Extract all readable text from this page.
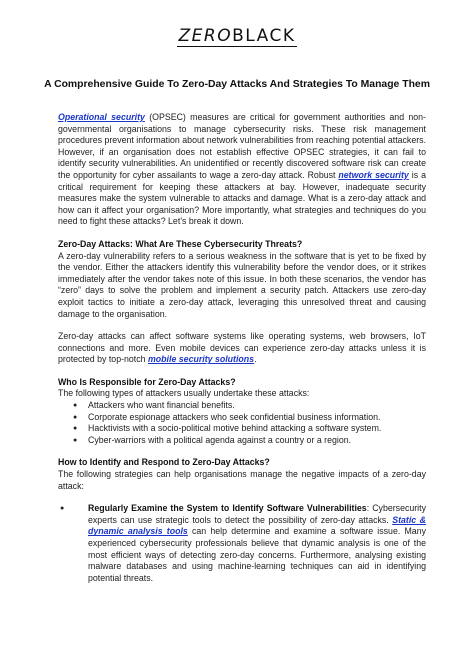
ZEROBLACK
A Comprehensive Guide To Zero-Day Attacks And Strategies To Manage Them

Operational security (OPSEC) measures are critical for government authorities and non-governmental organisations to manage cybersecurity risks. These risk management procedures prevent information about network vulnerabilities from reaching potential attackers. However, if an organisation does not establish effective OPSEC strategies, it can fail to identify security vulnerabilities. An unidentified or recently discovered software risk can create the opportunity for cyber assailants to wage a zero-day attack. Robust network security is a critical requirement for keeping these attackers at bay. However, inadequate security measures make the system vulnerable to attacks and damage. What is a zero-day attack and how can it affect your organisation? More importantly, what strategies and techniques do you need to fight these attacks? Let’s break it down.

Zero-Day Attacks: What Are These Cybersecurity Threats?

A zero-day vulnerability refers to a serious weakness in the software that is yet to be fixed by the vendor. Either the attackers identify this vulnerability before the vendor does, or it strikes immediately after the vendor takes note of this issue. In both these scenarios, the vendor has “zero” days to solve the problem and implement a security patch. Attackers use zero-day exploit tactics to initiate a zero-day attack, leveraging this unresolved threat and causing damage to the organisation.

Zero-day attacks can affect software systems like operating systems, web browsers, IoT connections and more. Even mobile devices can experience zero-day attacks unless it is protected by top-notch mobile security solutions.

Who Is Responsible for Zero-Day Attacks?

The following types of attackers usually undertake these attacks:

● Attackers who want financial benefits.
● Corporate espionage attackers who seek confidential business information.
● Hacktivists with a socio-political motive behind attacking a software system.
● Cyber-warriors with a political agenda against a country or a region.

How to Identify and Respond to Zero-Day Attacks?

The following strategies can help organisations manage the negative impacts of a zero-day attack:

● Regularly Examine the System to Identify Software Vulnerabilities: Cybersecurity experts can use strategic tools to detect the possibility of zero-day attacks. Static & dynamic analysis tools can help determine and examine a software issue. Many experienced cybersecurity professionals believe that dynamic analysis is one of the most efficient ways of detecting zero-day concerns. Furthermore, analysing existing malware databases and using machine-learning techniques can aid in identifying potential threats.
